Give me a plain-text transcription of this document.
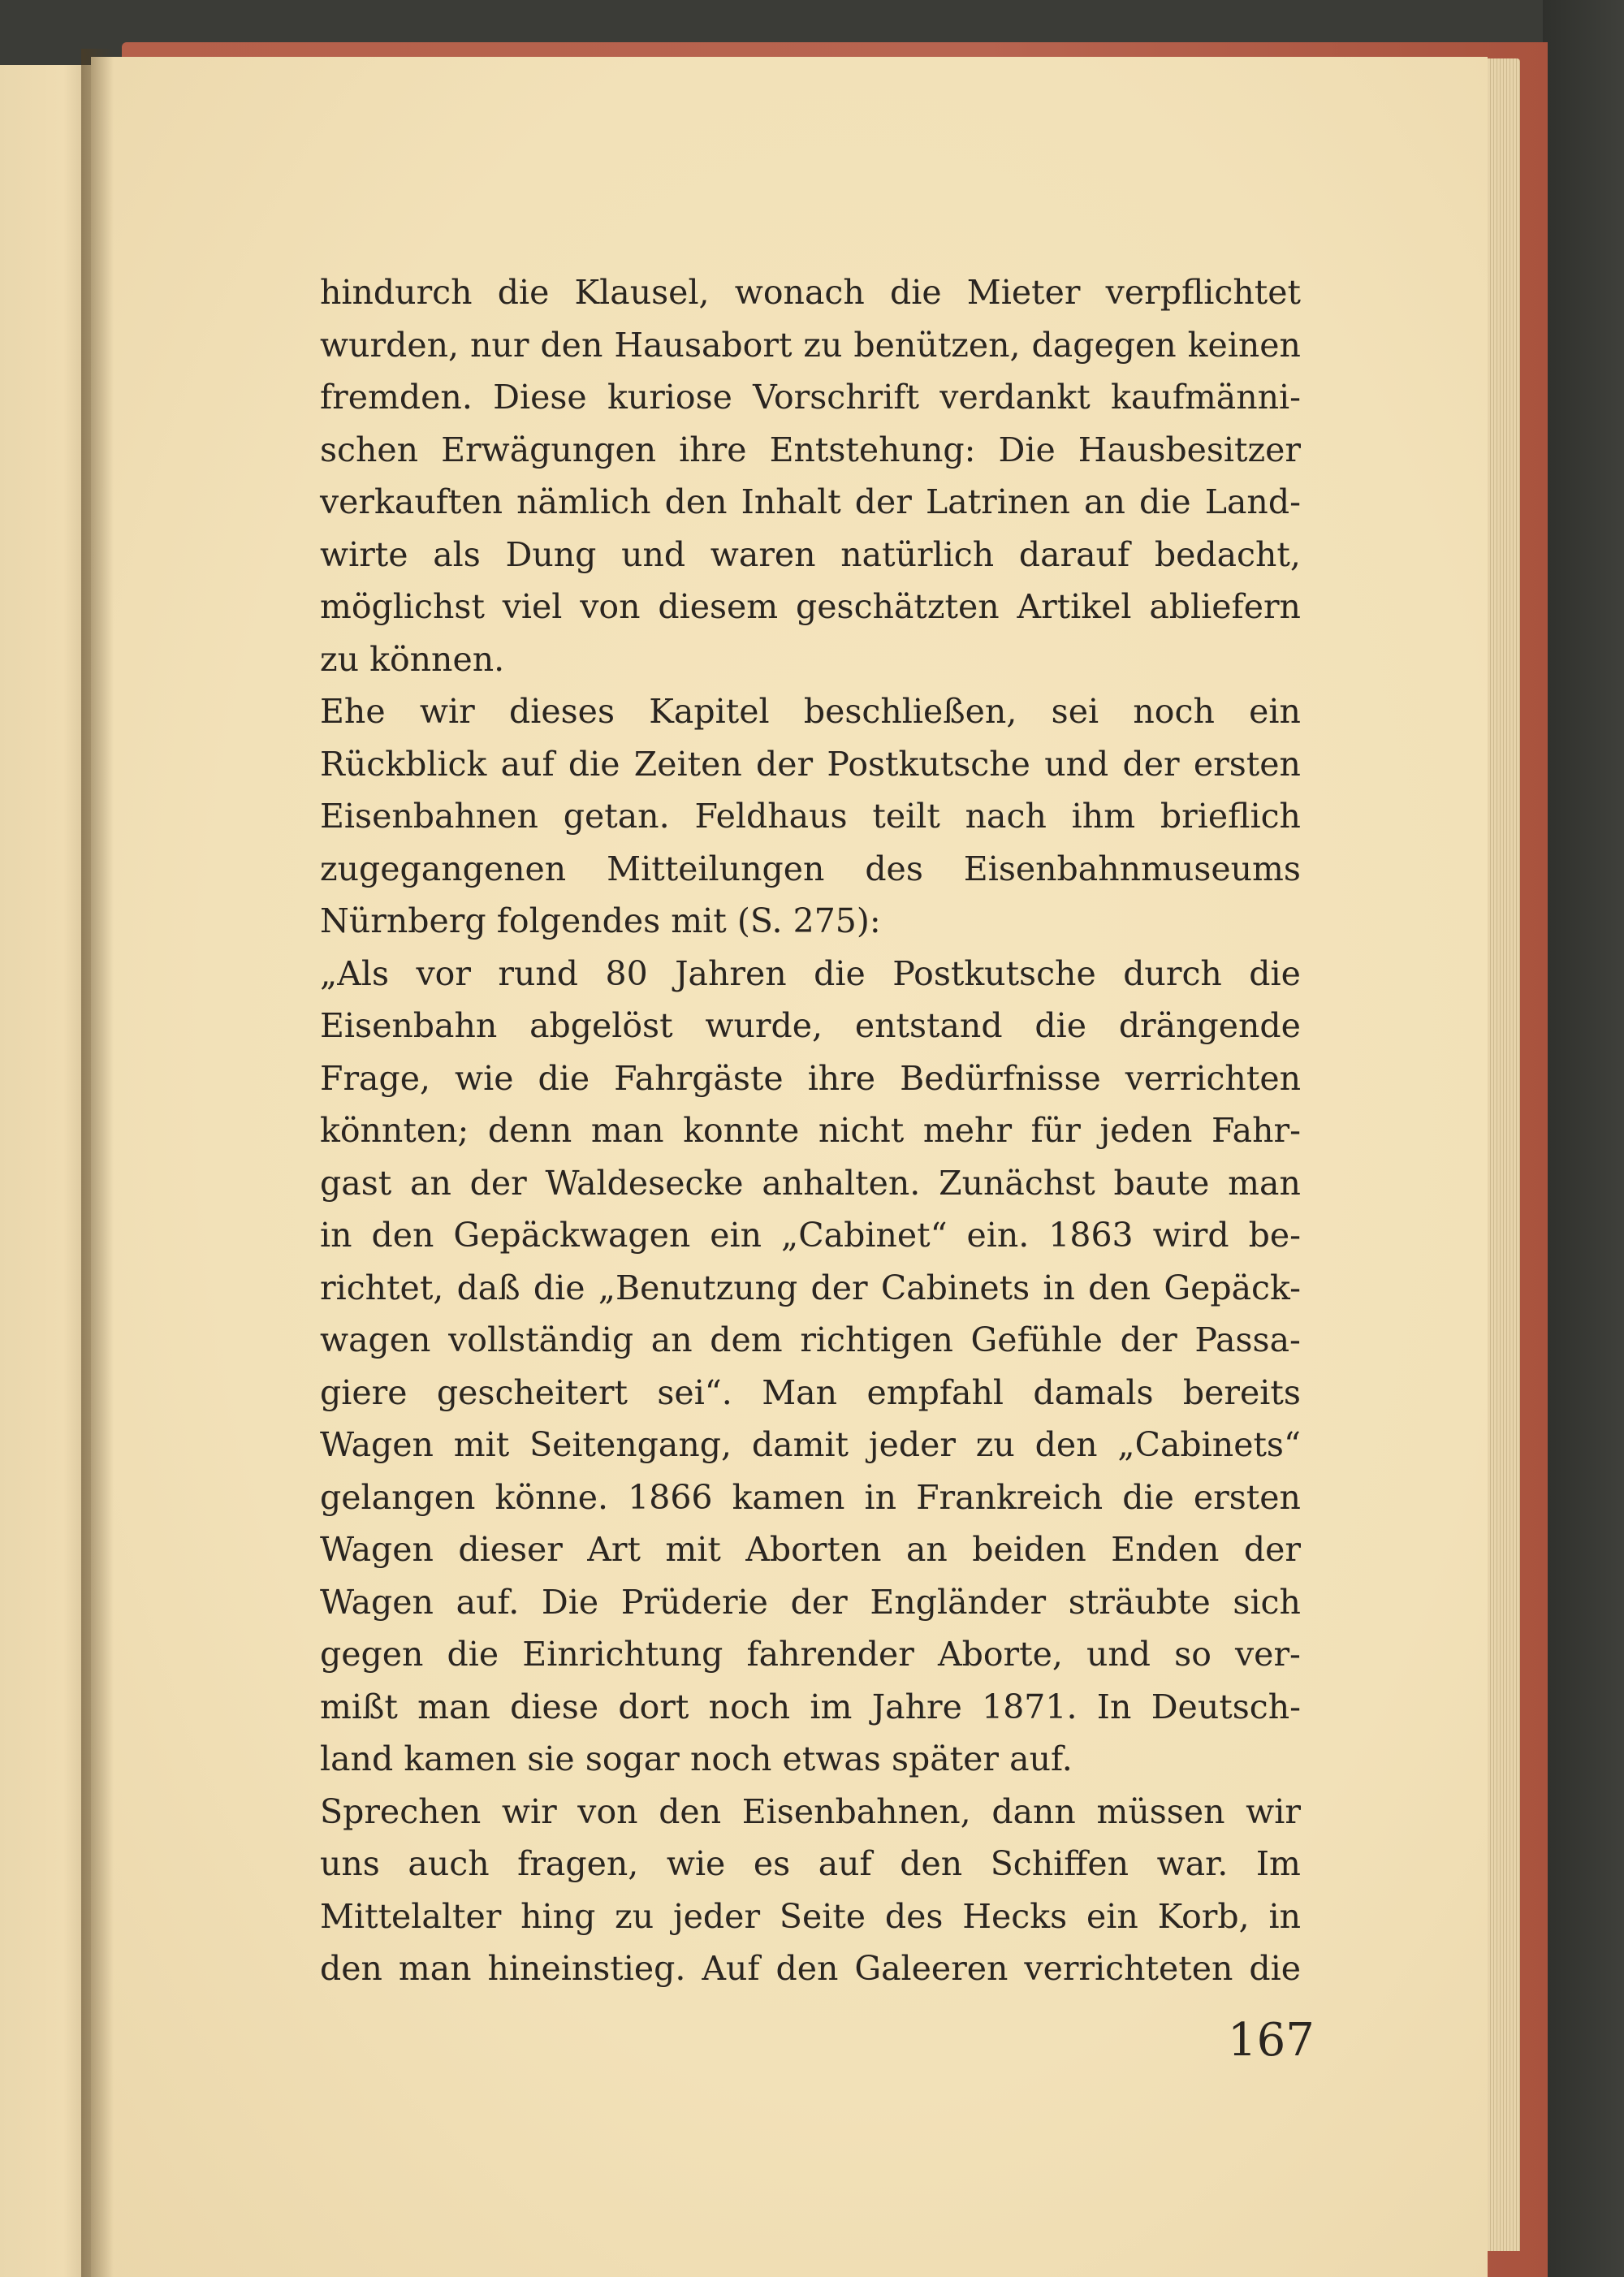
hindurch die Klausel, wonach die Mieter verpflichtet
wurden, nur den Hausabort zu benützen, dagegen keinen
fremden. Diese kuriose Vorschrift verdankt kaufmänni-
schen Erwägungen ihre Entstehung: Die Hausbesitzer
verkauften nämlich den Inhalt der Latrinen an die Land-
wirte als Dung und waren natürlich darauf bedacht,
möglichst viel von diesem geschätzten Artikel abliefern
zu können.
Ehe wir dieses Kapitel beschließen, sei noch ein
Rückblick auf die Zeiten der Postkutsche und der ersten
Eisenbahnen getan. Feldhaus teilt nach ihm brieflich
zugegangenen Mitteilungen des Eisenbahnmuseums
Nürnberg folgendes mit (S. 275):
„Als vor rund 80 Jahren die Postkutsche durch die
Eisenbahn abgelöst wurde, entstand die drängende
Frage, wie die Fahrgäste ihre Bedürfnisse verrichten
könnten; denn man konnte nicht mehr für jeden Fahr-
gast an der Waldesecke anhalten. Zunächst baute man
in den Gepäckwagen ein „Cabinet“ ein. 1863 wird be-
richtet, daß die „Benutzung der Cabinets in den Gepäck-
wagen vollständig an dem richtigen Gefühle der Passa-
giere gescheitert sei“. Man empfahl damals bereits
Wagen mit Seitengang, damit jeder zu den „Cabinets“
gelangen könne. 1866 kamen in Frankreich die ersten
Wagen dieser Art mit Aborten an beiden Enden der
Wagen auf. Die Prüderie der Engländer sträubte sich
gegen die Einrichtung fahrender Aborte, und so ver-
mißt man diese dort noch im Jahre 1871. In Deutsch-
land kamen sie sogar noch etwas später auf.
Sprechen wir von den Eisenbahnen, dann müssen wir
uns auch fragen, wie es auf den Schiffen war. Im
Mittelalter hing zu jeder Seite des Hecks ein Korb, in
den man hineinstieg. Auf den Galeeren verrichteten die
167
